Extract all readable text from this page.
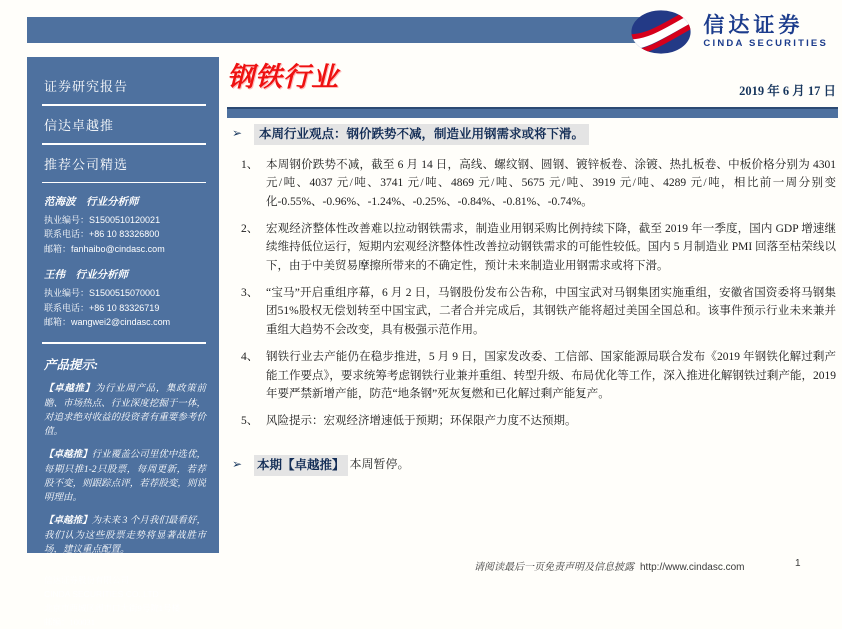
信达证券
CINDA SECURITIES
证券研究报告
信达卓越推
推荐公司精选
范海波　行业分析师
执业编号：S1500510120021
联系电话：+86 10 83326800
邮箱：fanhaibo@cindasc.com
王伟　行业分析师
执业编号：S1500515070001
联系电话：+86 10 83326719
邮箱：wangwei2@cindasc.com
产品提示:
【卓越推】为行业周产品，集政策前瞻、市场热点、行业深度挖掘于一体，对追求绝对收益的投资者有重要参考价值。
【卓越推】行业覆盖公司里优中选优，每期只推1-2只股票，每周更新，若荐股不变，则跟踪点评，若荐股变，则说明理由。
【卓越推】为未来 3 个月我们最看好，我们认为这些股票走势将显著战胜市场，建议重点配置。
信达证券股份有限公司
CINDA SECURITIES CO.,LTD
北京市西城区闹市口大街9号院1号楼
邮编：100031
钢铁行业	2019 年 6 月 17 日
➢	本周行业观点：钢价跌势不减，制造业用钢需求或将下滑。
1、 本周钢价跌势不减，截至 6 月 14 日，高线、螺纹钢、圆钢、镀锌板卷、涂镀、热扎板卷、中板价格分别为 4301 元/吨、4037 元/吨、3741 元/吨、4869 元/吨、5675 元/吨、3919 元/吨、4289 元/吨，相比前一周分别变化-0.55%、-0.96%、-1.24%、-0.25%、-0.84%、-0.81%、-0.74%。
2、 宏观经济整体性改善难以拉动钢铁需求，制造业用钢采购比例持续下降，截至 2019 年一季度，国内 GDP 增速继续维持低位运行，短期内宏观经济整体性改善拉动钢铁需求的可能性较低。国内 5 月制造业 PMI 回落至枯荣线以下，由于中美贸易摩擦所带来的不确定性，预计未来制造业用钢需求或将下滑。
3、 “宝马”开启重组序幕，6 月 2 日，马钢股份发布公告称，中国宝武对马钢集团实施重组，安徽省国资委将马钢集团51%股权无偿划转至中国宝武，二者合并完成后，其钢铁产能将超过美国全国总和。该事件预示行业未来兼并重组大趋势不会改变，具有极强示范作用。
4、 钢铁行业去产能仍在稳步推进，5 月 9 日，国家发改委、工信部、国家能源局联合发布《2019 年钢铁化解过剩产能工作要点》，要求统筹考虑钢铁行业兼并重组、转型升级、布局优化等工作，深入推进化解钢铁过剩产能，2019 年要严禁新增产能，防范“地条钢”死灰复燃和已化解过剩产能复产。
5、 风险提示：宏观经济增速低于预期；环保限产力度不达预期。
➢	本期【卓越推】 本周暂停。
请阅读最后一页免责声明及信息披露 http://www.cindasc.com	1
